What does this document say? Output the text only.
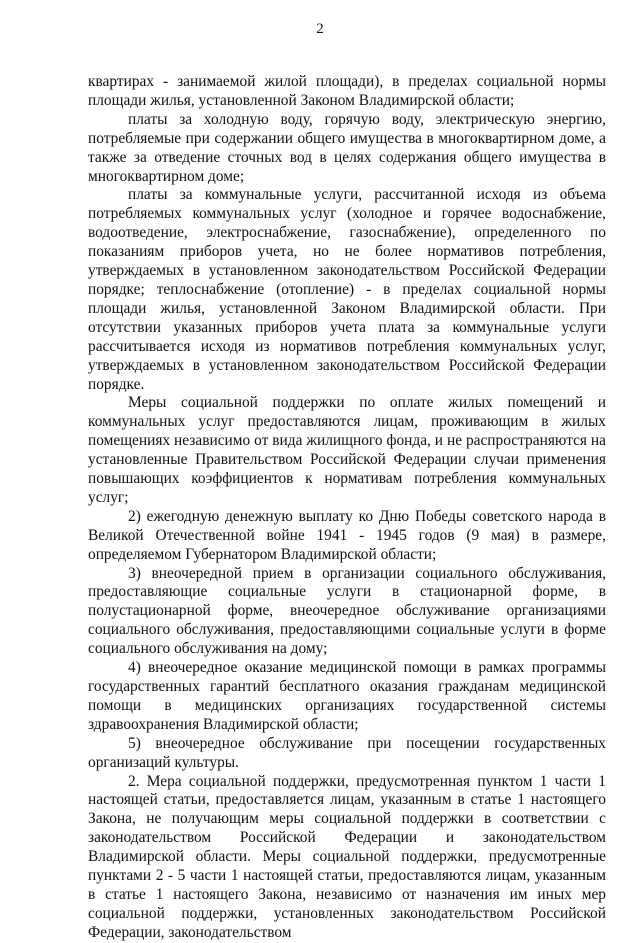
2

квартирах - занимаемой жилой площади), в пределах социальной нормы площади жилья, установленной Законом Владимирской области;

платы за холодную воду, горячую воду, электрическую энергию, потребляемые при содержании общего имущества в многоквартирном доме, а также за отведение сточных вод в целях содержания общего имущества в многоквартирном доме;

платы за коммунальные услуги, рассчитанной исходя из объема потребляемых коммунальных услуг (холодное и горячее водоснабжение, водоотведение, электроснабжение, газоснабжение), определенного по показаниям приборов учета, но не более нормативов потребления, утверждаемых в установленном законодательством Российской Федерации порядке; теплоснабжение (отопление) - в пределах социальной нормы площади жилья, установленной Законом Владимирской области. При отсутствии указанных приборов учета плата за коммунальные услуги рассчитывается исходя из нормативов потребления коммунальных услуг, утверждаемых в установленном законодательством Российской Федерации порядке.

Меры социальной поддержки по оплате жилых помещений и коммунальных услуг предоставляются лицам, проживающим в жилых помещениях независимо от вида жилищного фонда, и не распространяются на установленные Правительством Российской Федерации случаи применения повышающих коэффициентов к нормативам потребления коммунальных услуг;

2) ежегодную денежную выплату ко Дню Победы советского народа в Великой Отечественной войне 1941 - 1945 годов (9 мая) в размере, определяемом Губернатором Владимирской области;

3) внеочередной прием в организации социального обслуживания, предоставляющие социальные услуги в стационарной форме, в полустационарной форме, внеочередное обслуживание организациями социального обслуживания, предоставляющими социальные услуги в форме социального обслуживания на дому;

4) внеочередное оказание медицинской помощи в рамках программы государственных гарантий бесплатного оказания гражданам медицинской помощи в медицинских организациях государственной системы здравоохранения Владимирской области;

5) внеочередное обслуживание при посещении государственных организаций культуры.

2. Мера социальной поддержки, предусмотренная пунктом 1 части 1 настоящей статьи, предоставляется лицам, указанным в статье 1 настоящего Закона, не получающим меры социальной поддержки в соответствии с законодательством Российской Федерации и законодательством Владимирской области. Меры социальной поддержки, предусмотренные пунктами 2 - 5 части 1 настоящей статьи, предоставляются лицам, указанным в статье 1 настоящего Закона, независимо от назначения им иных мер социальной поддержки, установленных законодательством Российской Федерации, законодательством
